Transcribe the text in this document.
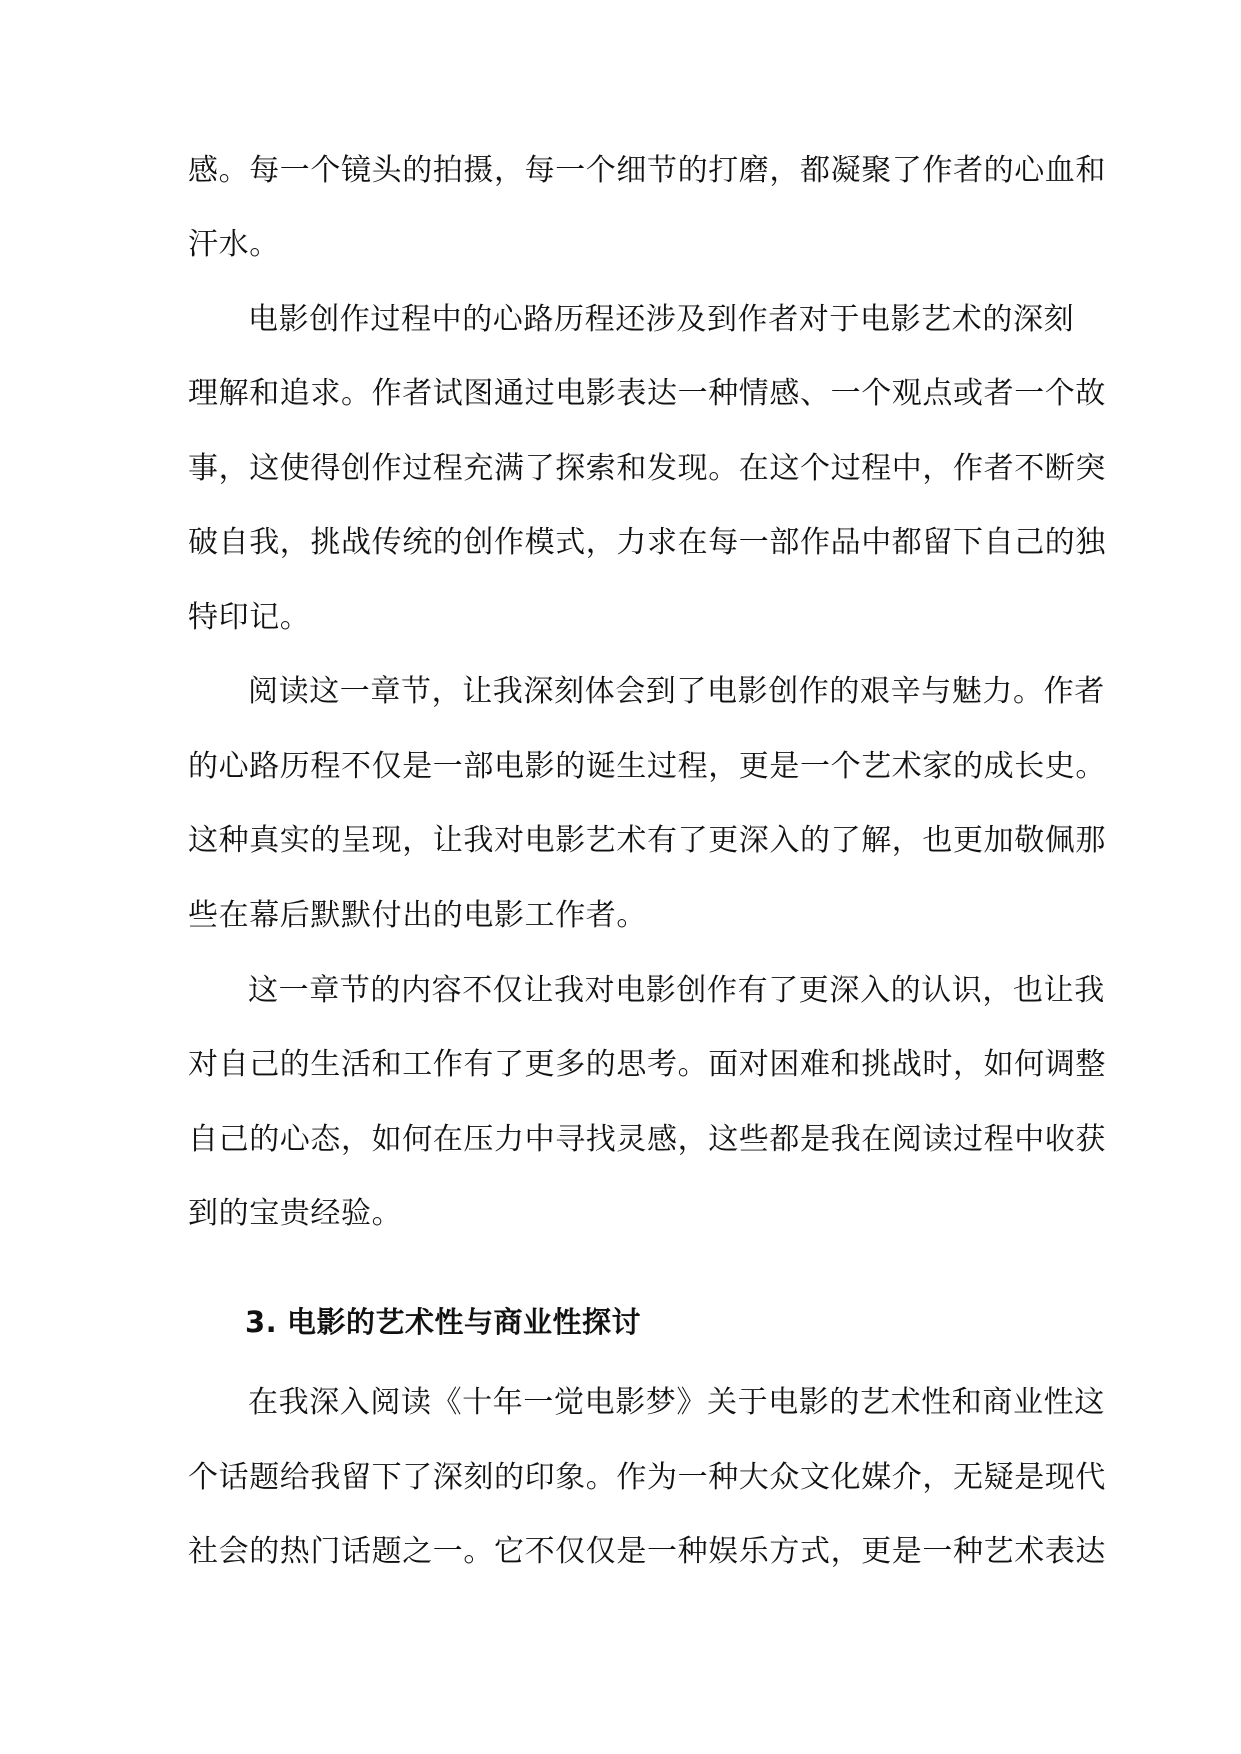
感。每一个镜头的拍摄，每一个细节的打磨，都凝聚了作者的心血和
汗水。
电影创作过程中的心路历程还涉及到作者对于电影艺术的深刻
理解和追求。作者试图通过电影表达一种情感、一个观点或者一个故
事，这使得创作过程充满了探索和发现。在这个过程中，作者不断突
破自我，挑战传统的创作模式，力求在每一部作品中都留下自己的独
特印记。
阅读这一章节，让我深刻体会到了电影创作的艰辛与魅力。作者
的心路历程不仅是一部电影的诞生过程，更是一个艺术家的成长史。
这种真实的呈现，让我对电影艺术有了更深入的了解，也更加敬佩那
些在幕后默默付出的电影工作者。
这一章节的内容不仅让我对电影创作有了更深入的认识，也让我
对自己的生活和工作有了更多的思考。面对困难和挑战时，如何调整
自己的心态，如何在压力中寻找灵感，这些都是我在阅读过程中收获
到的宝贵经验。
3. 电影的艺术性与商业性探讨
在我深入阅读《十年一觉电影梦》关于电影的艺术性和商业性这
个话题给我留下了深刻的印象。作为一种大众文化媒介，无疑是现代
社会的热门话题之一。它不仅仅是一种娱乐方式，更是一种艺术表达
